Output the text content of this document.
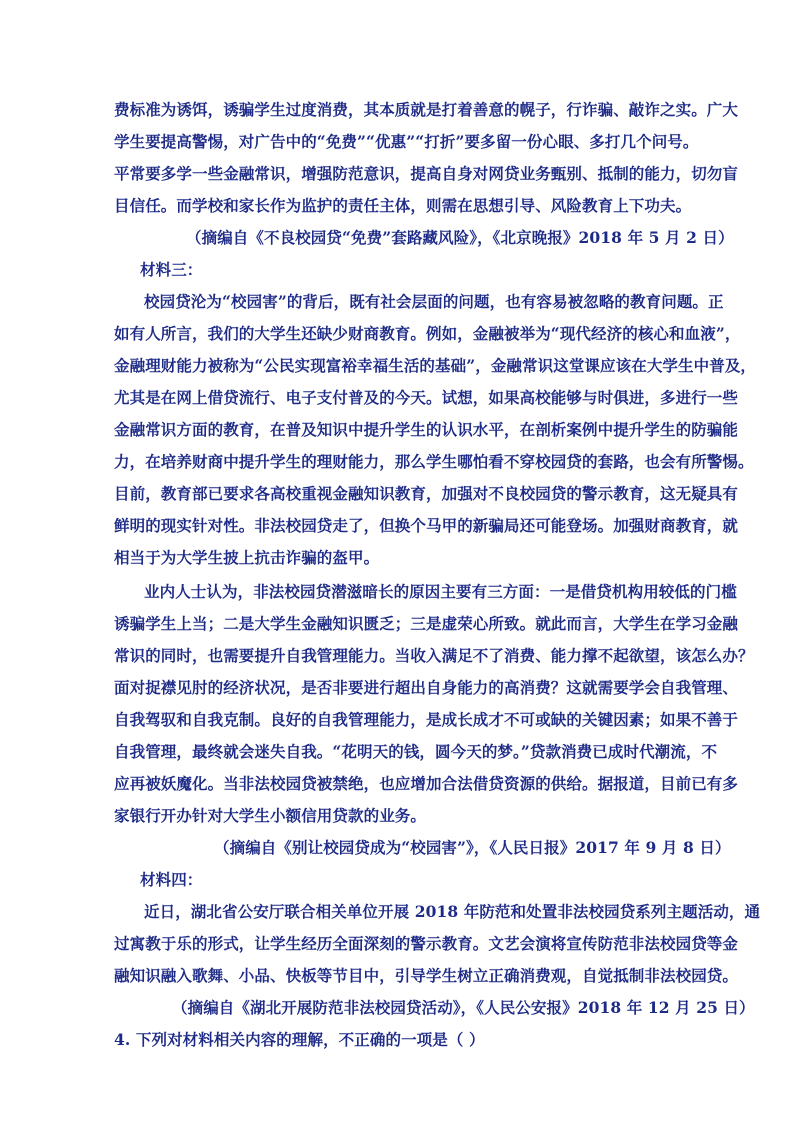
费标准为诱饵，诱骗学生过度消费，其本质就是打着善意的幌子，行诈骗、敲诈之实。广大
学生要提高警惕，对广告中的“免费”“优惠”“打折”要多留一份心眼、多打几个问号。
平常要多学一些金融常识，增强防范意识，提高自身对网贷业务甄别、抵制的能力，切勿盲
目信任。而学校和家长作为监护的责任主体，则需在思想引导、风险教育上下功夫。
（摘编自《不良校园贷“免费”套路藏风险》，《北京晚报》2018 年 5 月 2 日）
材料三：
校园贷沦为“校园害”的背后，既有社会层面的问题，也有容易被忽略的教育问题。正
如有人所言，我们的大学生还缺少财商教育。例如，金融被举为“现代经济的核心和血液”，
金融理财能力被称为“公民实现富裕幸福生活的基础”，金融常识这堂课应该在大学生中普及，
尤其是在网上借贷流行、电子支付普及的今天。试想，如果高校能够与时俱进，多进行一些
金融常识方面的教育，在普及知识中提升学生的认识水平，在剖析案例中提升学生的防骗能
力，在培养财商中提升学生的理财能力，那么学生哪怕看不穿校园贷的套路，也会有所警惕。
目前，教育部已要求各高校重视金融知识教育，加强对不良校园贷的警示教育，这无疑具有
鲜明的现实针对性。非法校园贷走了，但换个马甲的新骗局还可能登场。加强财商教育，就
相当于为大学生披上抗击诈骗的盔甲。
业内人士认为，非法校园贷潜滋暗长的原因主要有三方面：一是借贷机构用较低的门槛
诱骗学生上当；二是大学生金融知识匮乏；三是虚荣心所致。就此而言，大学生在学习金融
常识的同时，也需要提升自我管理能力。当收入满足不了消费、能力撑不起欲望，该怎么办？
面对捉襟见肘的经济状况，是否非要进行超出自身能力的高消费？这就需要学会自我管理、
自我驾驭和自我克制。良好的自我管理能力，是成长成才不可或缺的关键因素；如果不善于
自我管理，最终就会迷失自我。“花明天的钱，圆今天的梦。”贷款消费已成时代潮流，不
应再被妖魔化。当非法校园贷被禁绝，也应增加合法借贷资源的供给。据报道，目前已有多
家银行开办针对大学生小额信用贷款的业务。
（摘编自《别让校园贷成为“校园害”》，《人民日报》2017 年 9 月 8 日）
材料四：
近日，湖北省公安厅联合相关单位开展 2018 年防范和处置非法校园贷系列主题活动，通
过寓教于乐的形式，让学生经历全面深刻的警示教育。文艺会演将宣传防范非法校园贷等金
融知识融入歌舞、小品、快板等节目中，引导学生树立正确消费观，自觉抵制非法校园贷。
（摘编自《湖北开展防范非法校园贷活动》，《人民公安报》2018 年 12 月 25 日）
4. 下列对材料相关内容的理解，不正确的一项是（ ）
